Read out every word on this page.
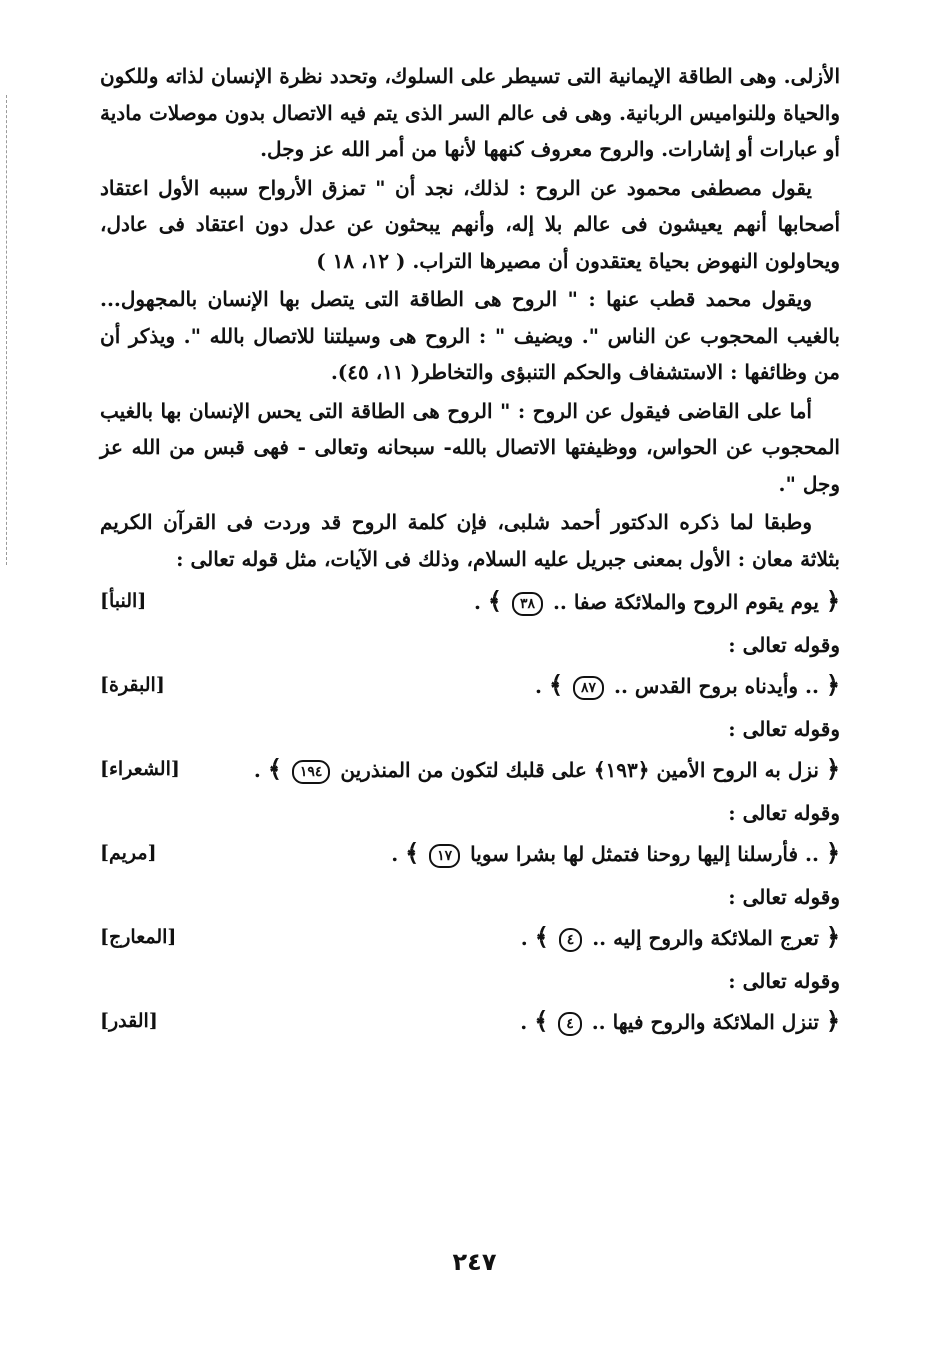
الأزلى. وهى الطاقة الإيمانية التى تسيطر على السلوك، وتحدد نظرة الإنسان لذاته وللكون والحياة وللنواميس الربانية. وهى فى عالم السر الذى يتم فيه الاتصال بدون موصلات مادية أو عبارات أو إشارات. والروح معروف كنهها لأنها من أمر الله عز وجل.

يقول مصطفى محمود عن الروح : لذلك، نجد أن " تمزق الأرواح سببه الأول اعتقاد أصحابها أنهم يعيشون فى عالم بلا إله، وأنهم يبحثون عن عدل دون اعتقاد فى عادل، ويحاولون النهوض بحياة يعتقدون أن مصيرها التراب. ( ١٢، ١٨ )

ويقول محمد قطب عنها : " الروح هى الطاقة التى يتصل بها الإنسان بالمجهول... بالغيب المحجوب عن الناس ". ويضيف " : الروح هى وسيلتنا للاتصال بالله ". ويذكر أن من وظائفها : الاستشفاف والحكم التنبؤى والتخاطر( ١١، ٤٥).

أما على القاضى فيقول عن الروح : " الروح هى الطاقة التى يحس الإنسان بها بالغيب المحجوب عن الحواس، ووظيفتها الاتصال بالله- سبحانه وتعالى - فهى قبس من الله عز وجل ".

وطبقا لما ذكره الدكتور أحمد شلبى، فإن كلمة الروح قد وردت فى القرآن الكريم بثلاثة معان : الأول بمعنى جبريل عليه السلام، وذلك فى الآيات، مثل قوله تعالى :

﴿ يوم يقوم الروح والملائكة صفا .. ٣٨ ﴾ .
[النبأ]
وقوله تعالى :
﴿ .. وأيدناه بروح القدس .. ٨٧ ﴾ .
[البقرة]
وقوله تعالى :
﴿ نزل به الروح الأمين ﴿١٩٣﴾ على قلبك لتكون من المنذرين ١٩٤ ﴾ .
[الشعراء]
وقوله تعالى :
﴿ .. فأرسلنا إليها روحنا فتمثل لها بشرا سويا ١٧ ﴾ .
[مريم]
وقوله تعالى :
﴿ تعرج الملائكة والروح إليه .. ٤ ﴾ .
[المعارج]
وقوله تعالى :
﴿ تنزل الملائكة والروح فيها .. ٤ ﴾ .
[القدر]
٢٤٧
